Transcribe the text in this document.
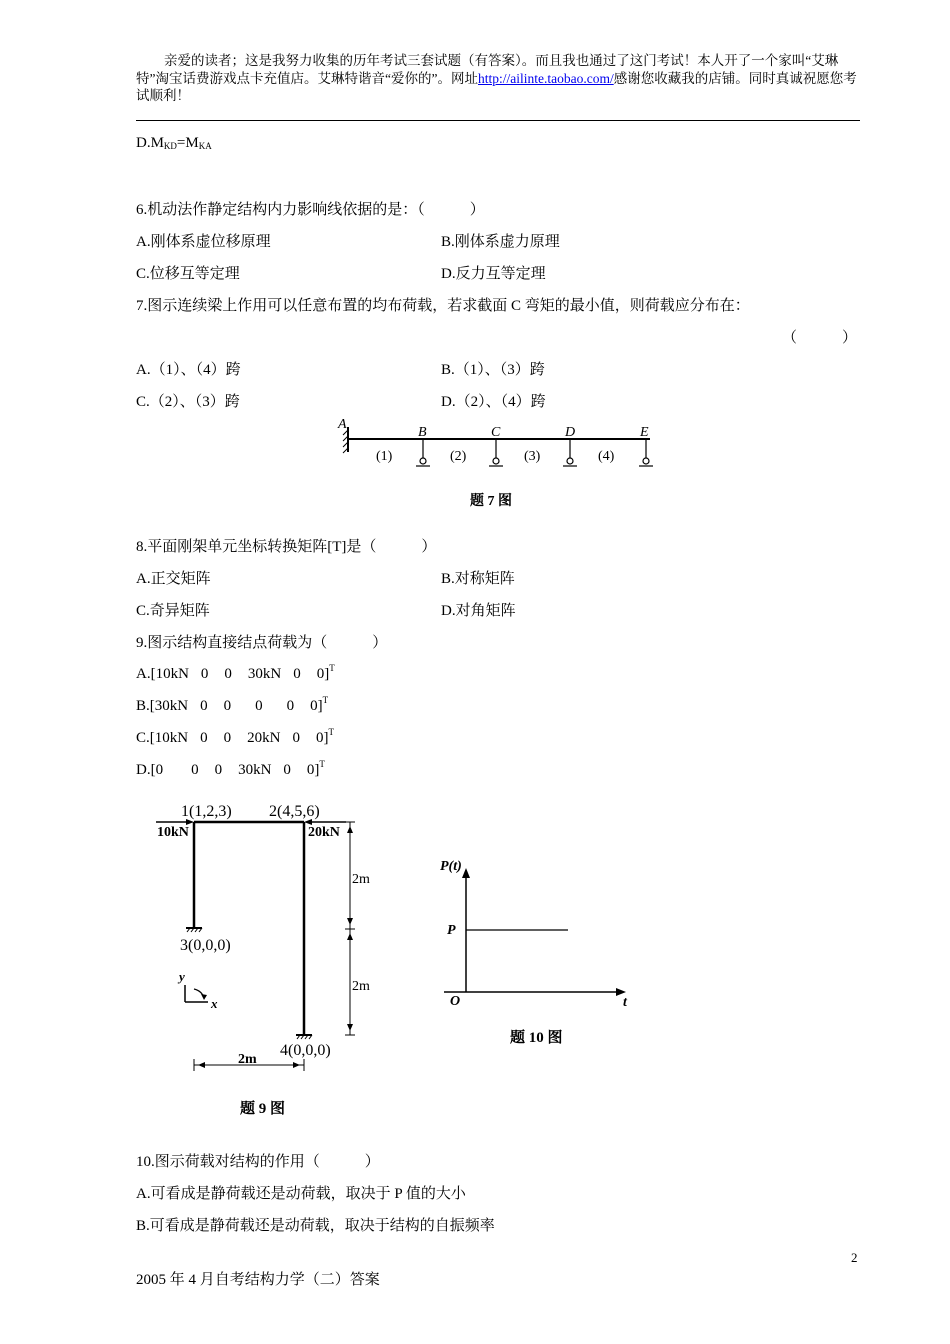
亲爱的读者；这是我努力收集的历年考试三套试题（有答案）。而且我也通过了这门考试！本人开了一个家叫“艾琳特”淘宝话费游戏点卡充值店。艾琳特谐音“爱你的”。网址http://ailinte.taobao.com/感谢您收藏我的店铺。同时真诚祝愿您考试顺利！
$D.M_{KD}=M_{KA}$
6.机动法作静定结构内力影响线依据的是：（　　　）
A.刚体系虚位移原理	B.刚体系虚力原理
C.位移互等定理	D.反力互等定理
7.图示连续梁上作用可以任意布置的均布荷载，若求截面 C 弯矩的最小值，则荷载应分布在：
（　　　）
A.（1）、（4）跨	B.（1）、（3）跨
C.（2）、（3）跨	D.（2）、（4）跨
A
B	C	D	E
(1)	(2)	(3)	(4)
题 7 图
8.平面刚架单元坐标转换矩阵[T]是（　　　）
A.正交矩阵	B.对称矩阵
C.奇异矩阵	D.对角矩阵
9.图示结构直接结点荷载为（　　　）
A.[10kN 0 0 30kN 0 0]$^T$
B.[30kN 0 0 0 0 0]$^T$
C.[10kN 0 0 20kN 0 0]$^T$
D.[0 0 0 30kN 0 0]$^T$
y
x
1(1,2,3) 2(4,5,6)
10kN	20kN
3(0,0,0)
4(0,0,0)
2m
2m
2m
题 9 图
P(t)
P
O	t
题 10 图
10.图示荷载对结构的作用（　　　）
A.可看成是静荷载还是动荷载，取决于 P 值的大小
B.可看成是静荷载还是动荷载，取决于结构的自振频率
2
2005 年 4 月自考结构力学（二）答案
